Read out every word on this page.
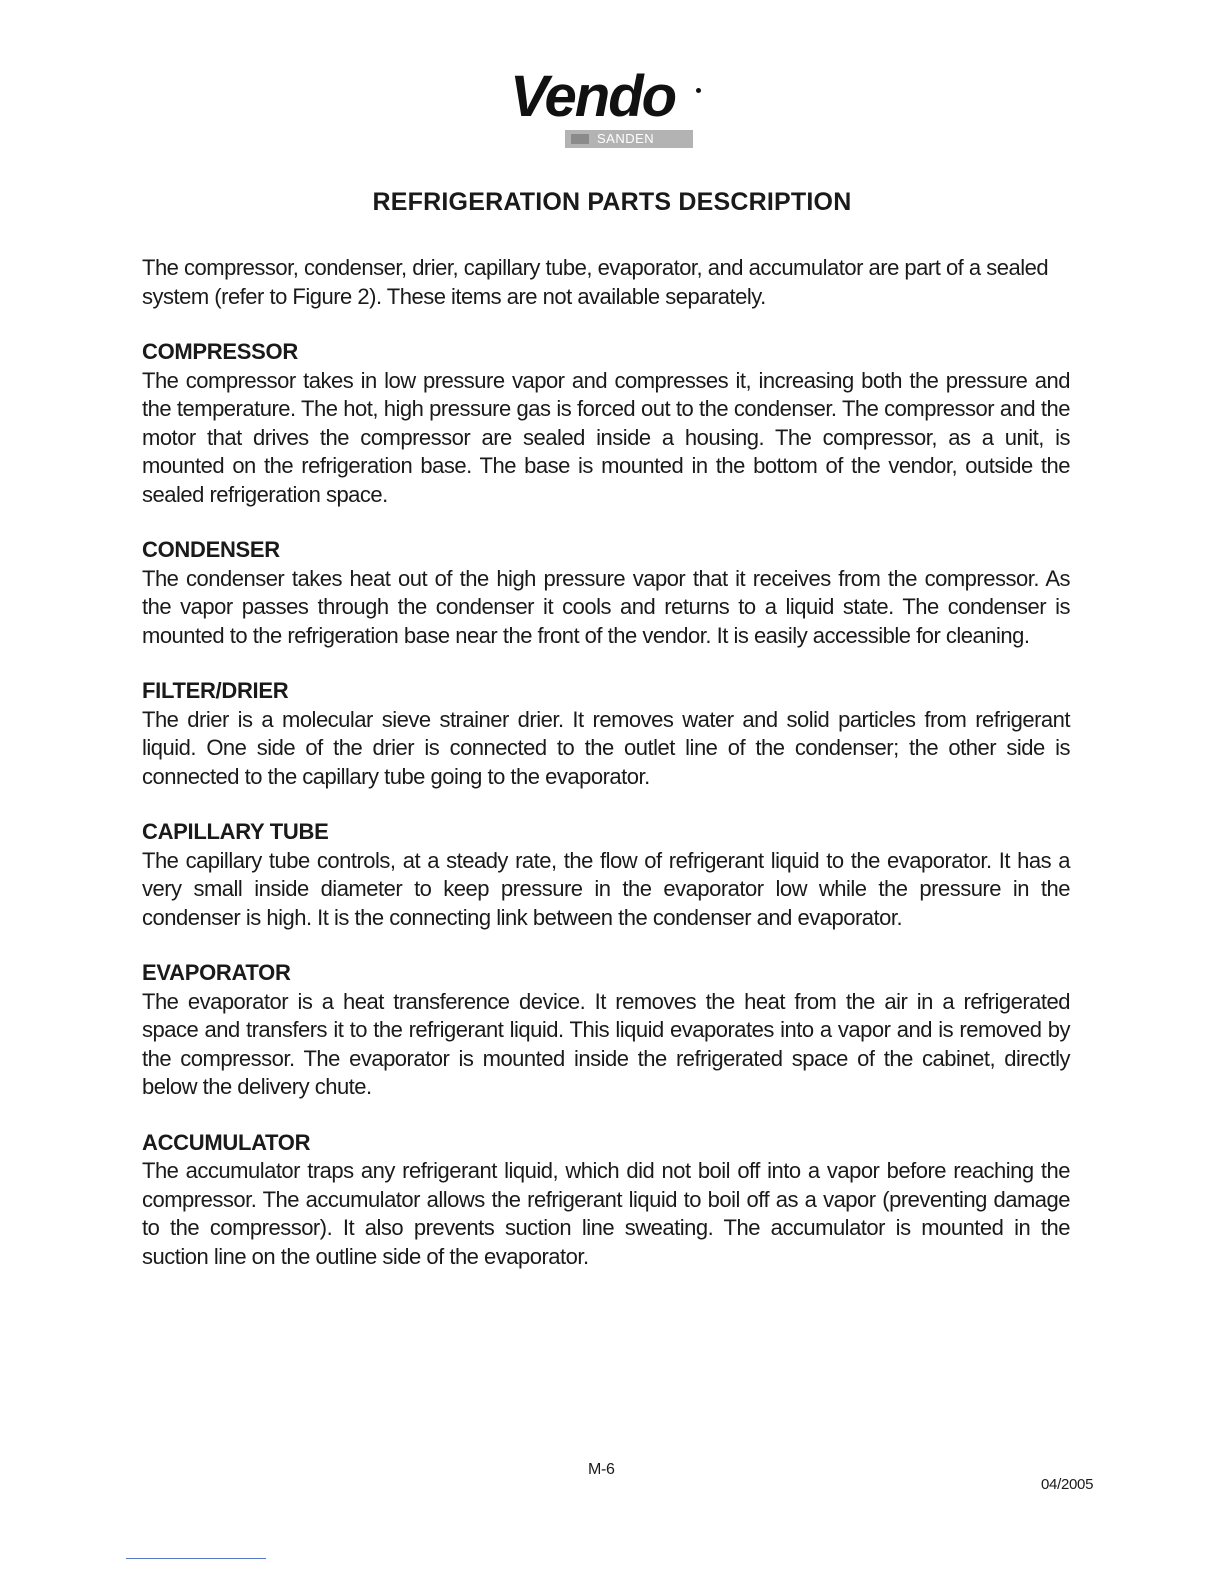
Vendo
SANDEN
REFRIGERATION PARTS DESCRIPTION

The compressor, condenser, drier, capillary tube, evaporator, and accumulator are part of a sealed system (refer to Figure 2). These items are not available separately.

COMPRESSOR

The compressor takes in low pressure vapor and compresses it, increasing both the pressure and the temperature. The hot, high pressure gas is forced out to the condenser. The compressor and the motor that drives the compressor are sealed inside a housing. The compressor, as a unit, is mounted on the refrigeration base. The base is mounted in the bottom of the vendor, outside the sealed refrigeration space.

CONDENSER

The condenser takes heat out of the high pressure vapor that it receives from the compressor. As the vapor passes through the condenser it cools and returns to a liquid state. The condenser is mounted to the refrigeration base near the front of the vendor. It is easily accessible for cleaning.

FILTER/DRIER

The drier is a molecular sieve strainer drier. It removes water and solid particles from refrigerant liquid. One side of the drier is connected to the outlet line of the condenser; the other side is connected to the capillary tube going to the evaporator.

CAPILLARY TUBE

The capillary tube controls, at a steady rate, the flow of refrigerant liquid to the evaporator. It has a very small inside diameter to keep pressure in the evaporator low while the pressure in the condenser is high. It is the connecting link between the condenser and evaporator.

EVAPORATOR

The evaporator is a heat transference device. It removes the heat from the air in a refrigerated space and transfers it to the refrigerant liquid. This liquid evaporates into a vapor and is removed by the compressor. The evaporator is mounted inside the refrigerated space of the cabinet, directly below the delivery chute.

ACCUMULATOR

The accumulator traps any refrigerant liquid, which did not boil off into a vapor before reaching the compressor. The accumulator allows the refrigerant liquid to boil off as a vapor (preventing damage to the compressor). It also prevents suction line sweating. The accumulator is mounted in the suction line on the outline side of the evaporator.

M-6
04/2005
